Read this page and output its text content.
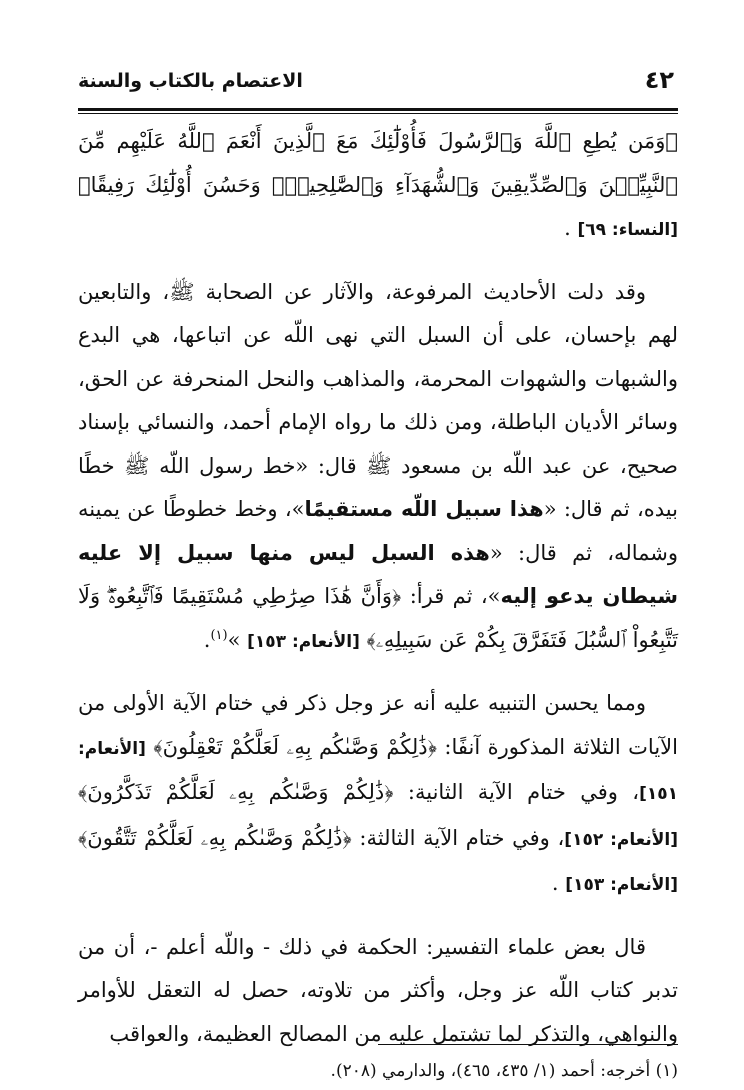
٤٢
الاعتصام بالكتاب والسنة

﴿وَمَن يُطِعِ ٱللَّهَ وَٱلرَّسُولَ فَأُوْلَٰٓئِكَ مَعَ ٱلَّذِينَ أَنْعَمَ ٱللَّهُ عَلَيْهِم مِّنَ ٱلنَّبِيِّـۧنَ وَٱلصِّدِّيقِينَ وَٱلشُّهَدَآءِ وَٱلصَّٰلِحِينَۚ وَحَسُنَ أُوْلَٰٓئِكَ رَفِيقًا﴾ [النساء: ٦٩] .

وقد دلت الأحاديث المرفوعة، والآثار عن الصحابة ﷺ، والتابعين لهم بإحسان، على أن السبل التي نهى اللّه عن اتباعها، هي البدع والشبهات والشهوات المحرمة، والمذاهب والنحل المنحرفة عن الحق، وسائر الأديان الباطلة، ومن ذلك ما رواه الإمام أحمد، والنسائي بإسناد صحيح، عن عبد اللّه بن مسعود ﷺ قال: «خط رسول اللّه ﷺ خطًا بيده، ثم قال: «هذا سبيل اللّه مستقيمًا»، وخط خطوطًا عن يمينه وشماله، ثم قال: «هذه السبل ليس منها سبيل إلا عليه شيطان يدعو إليه»، ثم قرأ: ﴿وَأَنَّ هَٰذَا صِرَٰطِي مُسْتَقِيمًا فَٱتَّبِعُوهُۖ وَلَا تَتَّبِعُواْ ٱلسُّبُلَ فَتَفَرَّقَ بِكُمْ عَن سَبِيلِهِۦ﴾ [الأنعام: ١٥٣] »$^{(١)}$.

ومما يحسن التنبيه عليه أنه عز وجل ذكر في ختام الآية الأولى من الآيات الثلاثة المذكورة آنفًا: ﴿ذَٰلِكُمْ وَصَّىٰكُم بِهِۦ لَعَلَّكُمْ تَعْقِلُونَ﴾ [الأنعام: ١٥١]، وفي ختام الآية الثانية: ﴿ذَٰلِكُمْ وَصَّىٰكُم بِهِۦ لَعَلَّكُمْ تَذَكَّرُونَ﴾ [الأنعام: ١٥٢]، وفي ختام الآية الثالثة: ﴿ذَٰلِكُمْ وَصَّىٰكُم بِهِۦ لَعَلَّكُمْ تَتَّقُونَ﴾ [الأنعام: ١٥٣] .

قال بعض علماء التفسير: الحكمة في ذلك - واللّه أعلم -، أن من تدبر كتاب اللّه عز وجل، وأكثر من تلاوته، حصل له التعقل للأوامر والنواهي، والتذكر لما تشتمل عليه من المصالح العظيمة، والعواقب

(١) أخرجه: أحمد (١/ ٤٣٥، ٤٦٥)، والدارمي (٢٠٨).
